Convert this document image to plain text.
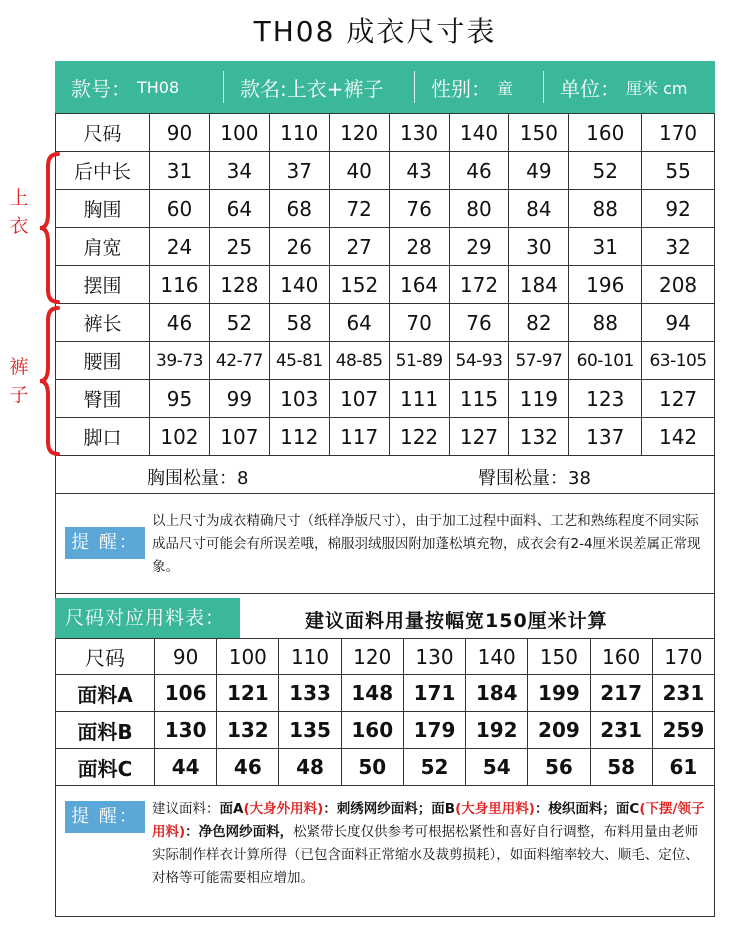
TH08 成衣尺寸表
款号： TH08	款名:上衣+裤子	性别： 童 单位： 厘米 cm
尺码	90	100	110	120	130	140	150	160	170
后中长	31	34	37	40	43	46	49	52	55
胸围	60	64	68	72	76	80	84	88	92
肩宽	24	25	26	27	28	29	30	31	32
摆围	116	128	140	152	164	172	184	196	208
裤长	46	52	58	64	70	76	82	88	94
腰围	39-73	42-77	45-81	48-85	51-89	54-93	57-97	60-101	63-105
臀围	95	99	103	107	111	115	119	123	127
脚口	102	107	112	117	122	127	132	137	142
上
衣
裤
子
胸围松量：8	臀围松量：38
提 醒：
以上尺寸为成衣精确尺寸（纸样净版尺寸），由于加工过程中面料、工艺和熟练程度不同实际成品尺寸可能会有所误差哦，棉服羽绒服因附加蓬松填充物，成衣会有2-4厘米误差属正常现象。
尺码对应用料表：	建议面料用量按幅宽150厘米计算
尺码	90	100	110	120	130	140	150	160	170
面料A	106	121	133	148	171	184	199	217	231
面料B	130	132	135	160	179	192	209	231	259
面料C	44	46	48	50	52	54	56	58	61
提 醒： 建议面料：面A(大身外用料)：刺绣网纱面料；面B(大身里用料)：梭织面料；面C(下摆/领子用料)：净色网纱面料，松紧带长度仅供参考可根据松紧性和喜好自行调整，布料用量由老师实际制作样衣计算所得（已包含面料正常缩水及裁剪损耗），如面料缩率较大、顺毛、定位、对格等可能需要相应增加。
